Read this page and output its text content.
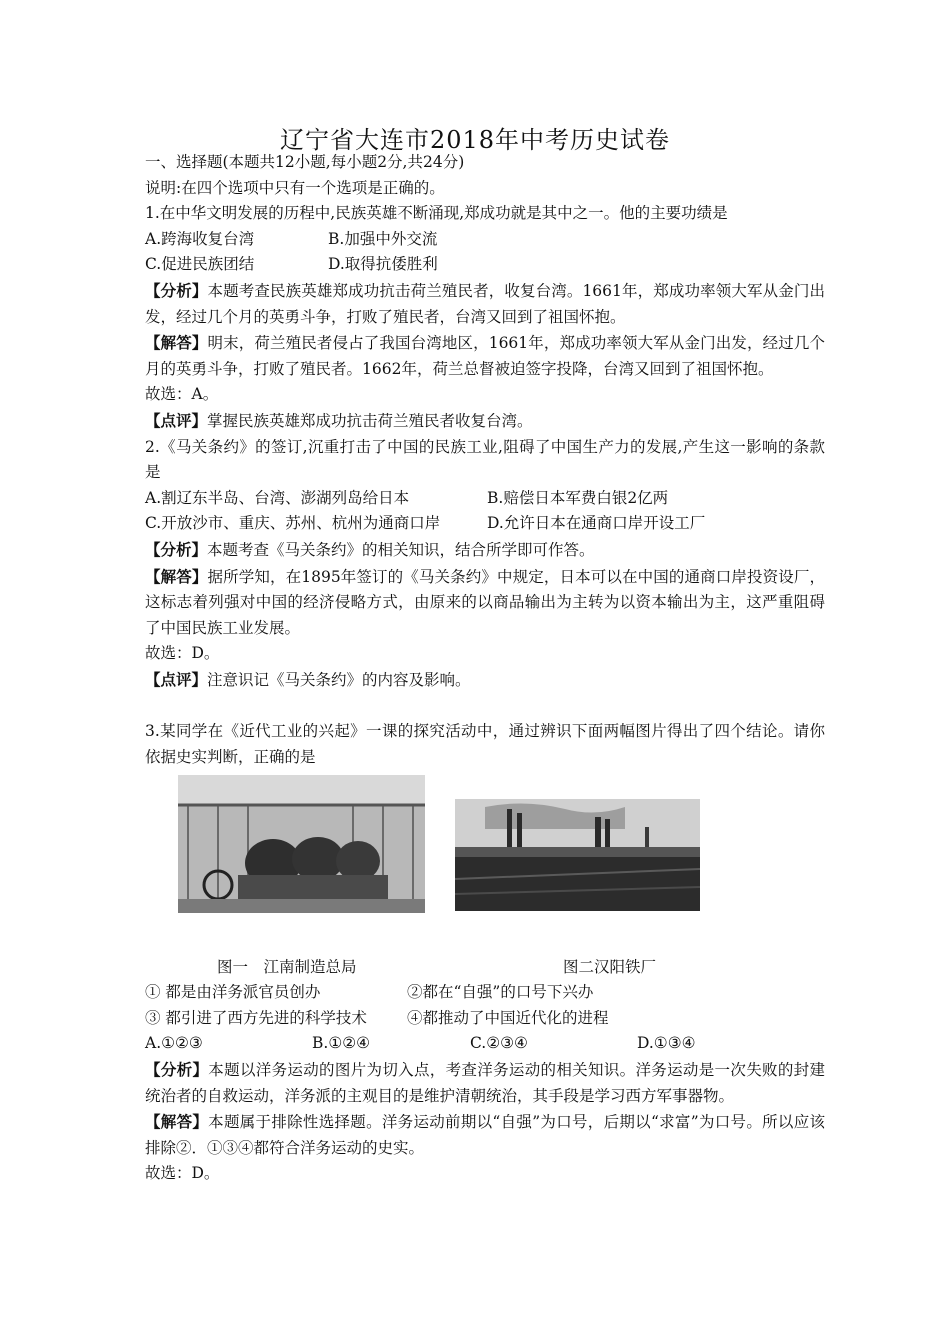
辽宁省大连市2018年中考历史试卷
一、选择题(本题共12小题,每小题2分,共24分)
说明:在四个选项中只有一个选项是正确的。
1.在中华文明发展的历程中,民族英雄不断涌现,郑成功就是其中之一。他的主要功绩是
A.跨海收复台湾	B.加强中外交流
C.促进民族团结	D.取得抗倭胜利
【分析】本题考查民族英雄郑成功抗击荷兰殖民者，收复台湾。1661年，郑成功率领大军从金门出发，经过几个月的英勇斗争，打败了殖民者，台湾又回到了祖国怀抱。
【解答】明末，荷兰殖民者侵占了我国台湾地区，1661年，郑成功率领大军从金门出发，经过几个月的英勇斗争，打败了殖民者。1662年，荷兰总督被迫签字投降，台湾又回到了祖国怀抱。
故选：A。
【点评】掌握民族英雄郑成功抗击荷兰殖民者收复台湾。
2.《马关条约》的签订,沉重打击了中国的民族工业,阻碍了中国生产力的发展,产生这一影响的条款是
A.割辽东半岛、台湾、澎湖列岛给日本	B.赔偿日本军费白银2亿两
C.开放沙市、重庆、苏州、杭州为通商口岸	D.允许日本在通商口岸开设工厂
【分析】本题考查《马关条约》的相关知识，结合所学即可作答。
【解答】据所学知，在1895年签订的《马关条约》中规定，日本可以在中国的通商口岸投资设厂，这标志着列强对中国的经济侵略方式，由原来的以商品输出为主转为以资本输出为主，这严重阻碍了中国民族工业发展。
故选：D。
【点评】注意识记《马关条约》的内容及影响。
3.某同学在《近代工业的兴起》一课的探究活动中，通过辨识下面两幅图片得出了四个结论。请你依据史实判断，正确的是
图一　江南制造总局	图二汉阳铁厂
① 都是由洋务派官员创办	②都在“自强”的口号下兴办
③ 都引进了西方先进的科学技术	④都推动了中国近代化的进程
A.①②③	B.①②④	C.②③④	D.①③④
【分析】本题以洋务运动的图片为切入点，考查洋务运动的相关知识。洋务运动是一次失败的封建统治者的自救运动，洋务派的主观目的是维护清朝统治，其手段是学习西方军事器物。
【解答】本题属于排除性选择题。洋务运动前期以“自强”为口号，后期以“求富”为口号。所以应该排除②．①③④都符合洋务运动的史实。
故选：D。
